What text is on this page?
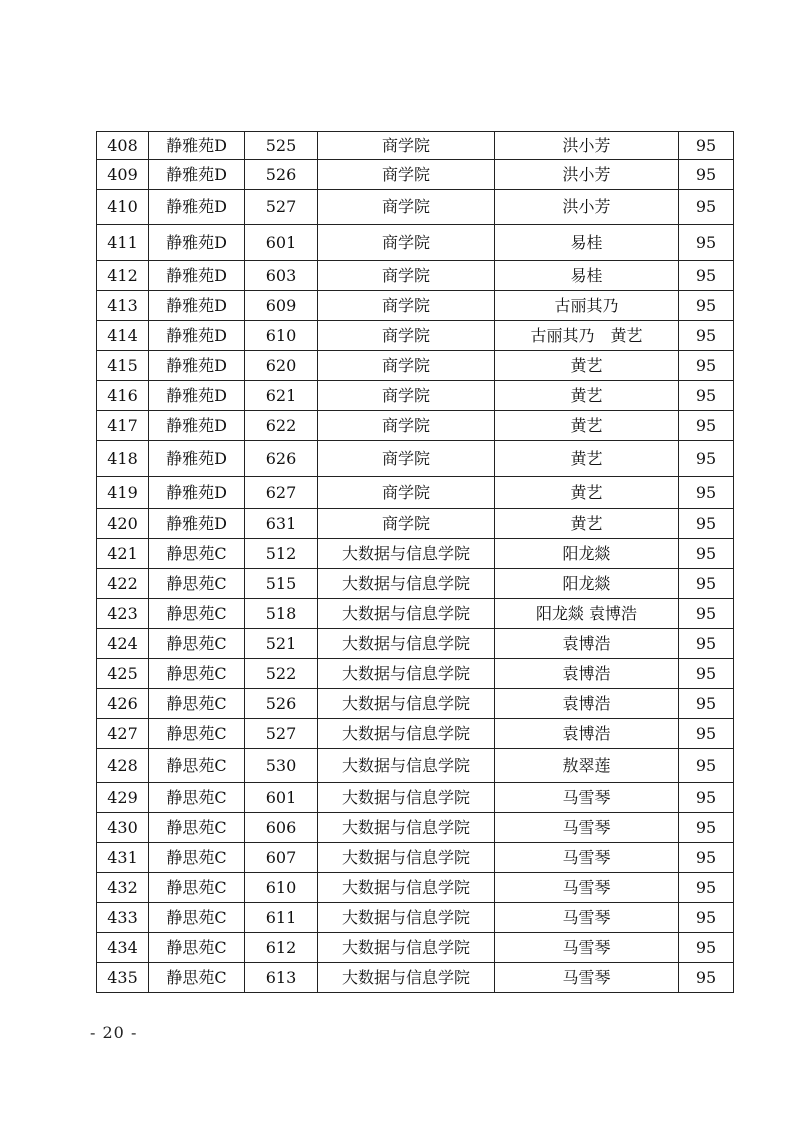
408	静雅苑D	525	商学院	洪小芳	95
409	静雅苑D	526	商学院	洪小芳	95
410	静雅苑D	527	商学院	洪小芳	95
411	静雅苑D	601	商学院	易桂	95
412	静雅苑D	603	商学院	易桂	95
413	静雅苑D	609	商学院	古丽其乃	95
414	静雅苑D	610	商学院	古丽其乃　黄艺	95
415	静雅苑D	620	商学院	黄艺	95
416	静雅苑D	621	商学院	黄艺	95
417	静雅苑D	622	商学院	黄艺	95
418	静雅苑D	626	商学院	黄艺	95
419	静雅苑D	627	商学院	黄艺	95
420	静雅苑D	631	商学院	黄艺	95
421	静思苑C	512	大数据与信息学院	阳龙燚	95
422	静思苑C	515	大数据与信息学院	阳龙燚	95
423	静思苑C	518	大数据与信息学院	阳龙燚 袁博浩	95
424	静思苑C	521	大数据与信息学院	袁博浩	95
425	静思苑C	522	大数据与信息学院	袁博浩	95
426	静思苑C	526	大数据与信息学院	袁博浩	95
427	静思苑C	527	大数据与信息学院	袁博浩	95
428	静思苑C	530	大数据与信息学院	敖翠莲	95
429	静思苑C	601	大数据与信息学院	马雪琴	95
430	静思苑C	606	大数据与信息学院	马雪琴	95
431	静思苑C	607	大数据与信息学院	马雪琴	95
432	静思苑C	610	大数据与信息学院	马雪琴	95
433	静思苑C	611	大数据与信息学院	马雪琴	95
434	静思苑C	612	大数据与信息学院	马雪琴	95
435	静思苑C	613	大数据与信息学院	马雪琴	95
- 20 -
